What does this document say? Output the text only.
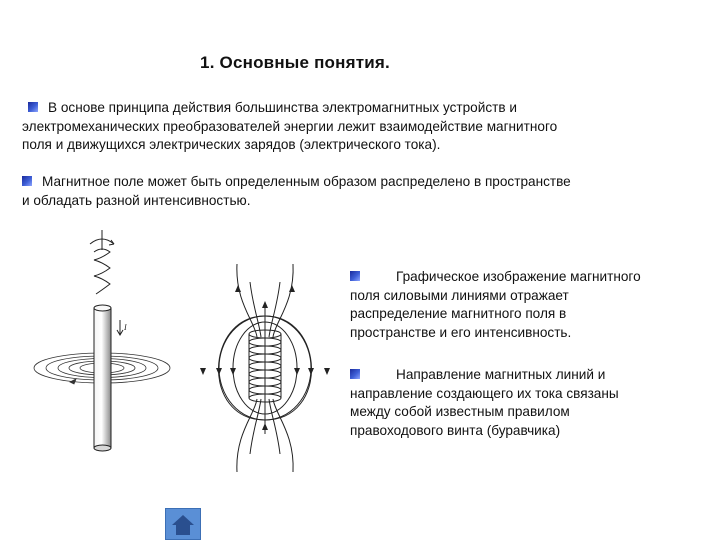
1. Основные понятия.
В основе принципа действия большинства электромагнитных устройств и
электромеханических преобразователей энергии лежит взаимодействие магнитного
поля и движущихся электрических зарядов (электрического тока).
Магнитное поле может быть определенным образом распределено в пространстве
и обладать разной интенсивностью.
Графическое изображение магнитного
поля силовыми линиями отражает
распределение магнитного поля в
пространстве и его интенсивность.
Направление магнитных линий и
направление создающего их тока связаны
между собой известным правилом
правоходового винта (буравчика)
I
